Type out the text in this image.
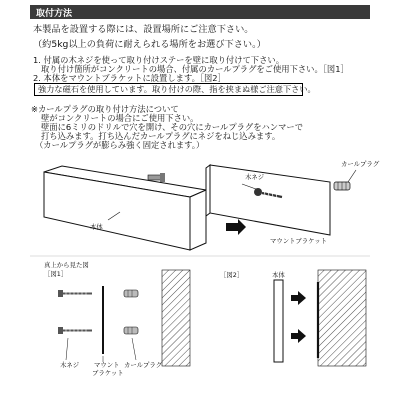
取付方法
本製品を設置する際には、設置場所にご注意下さい。
（約5kg以上の負荷に耐えられる場所をお選び下さい。）
1. 付属の木ネジを使って取り付けステーを壁に取り付けて下さい。
取り付け箇所がコンクリートの場合、付属のカールプラグをご使用下さい。［図1］
2. 本体をマウントブラケットに設置します。［図2］
強力な磁石を使用しています。取り付けの際、指を挟まぬ様ご注意下さい。
※カールプラグの取り付け方法について
壁がコンクリートの場合にご使用下さい。
壁面に6ミリのドリルで穴を開け、その穴にカールプラグをハンマーで
打ち込みます。打ち込んだカールプラグにネジをねじ込みます。
（カールプラグが膨らみ強く固定されます。）
木ネジ
カールプラグ
本体
マウントブラケット
真上から見た図
［図1］
木ネジ マウント
ブラケット
カールプラグ
［図2］	本体
